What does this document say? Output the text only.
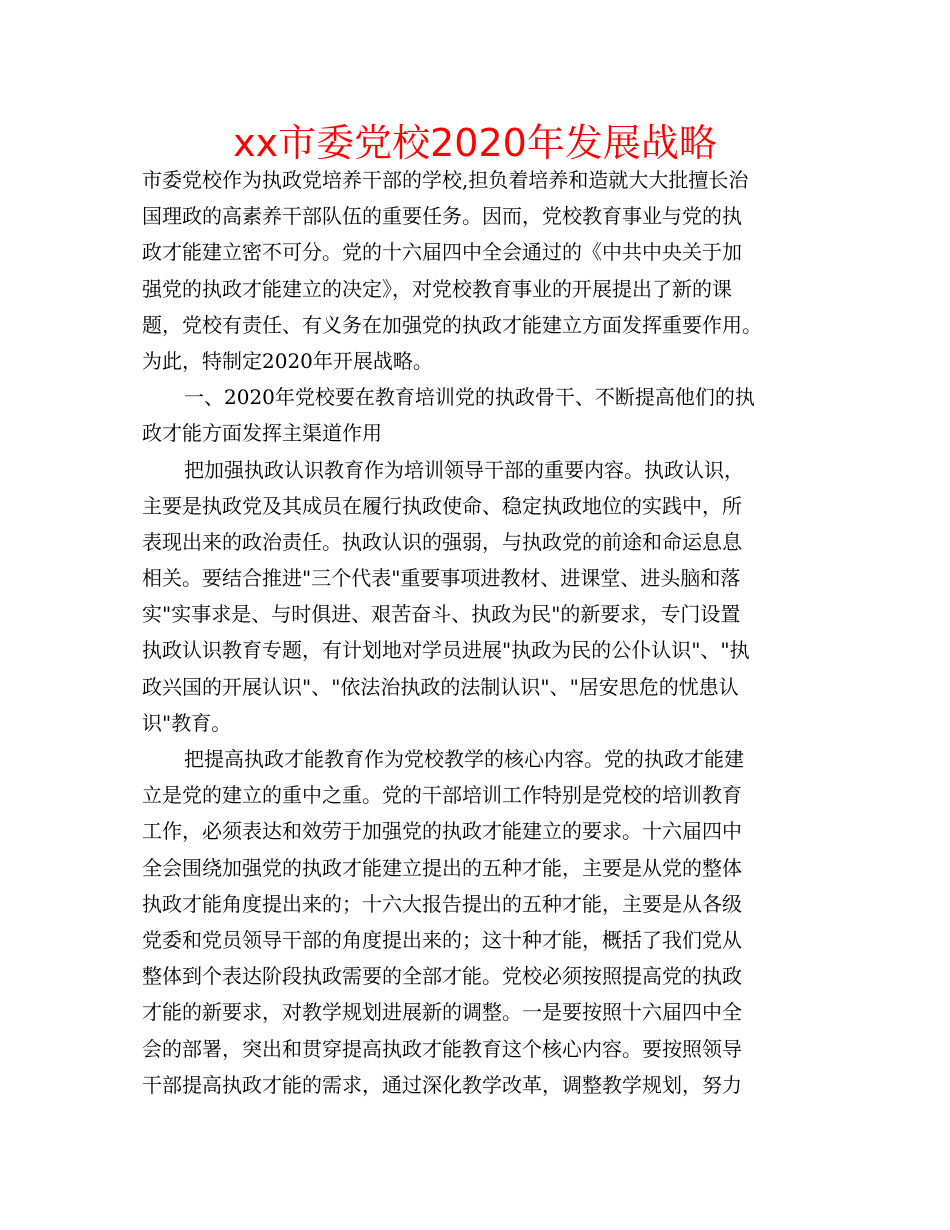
xx市委党校2020年发展战略
市委党校作为执政党培养干部的学校,担负着培养和造就大大批擅长治
国理政的高素养干部队伍的重要任务。因而，党校教育事业与党的执
政才能建立密不可分。党的十六届四中全会通过的《中共中央关于加
强党的执政才能建立的决定》，对党校教育事业的开展提出了新的课
题，党校有责任、有义务在加强党的执政才能建立方面发挥重要作用。
为此，特制定2020年开展战略。
一、2020年党校要在教育培训党的执政骨干、不断提高他们的执
政才能方面发挥主渠道作用
把加强执政认识教育作为培训领导干部的重要内容。执政认识，
主要是执政党及其成员在履行执政使命、稳定执政地位的实践中，所
表现出来的政治责任。执政认识的强弱，与执政党的前途和命运息息
相关。要结合推进"三个代表"重要事项进教材、进课堂、进头脑和落
实"实事求是、与时俱进、艰苦奋斗、执政为民"的新要求，专门设置
执政认识教育专题，有计划地对学员进展"执政为民的公仆认识"、"执
政兴国的开展认识"、"依法治执政的法制认识"、"居安思危的忧患认
识"教育。
把提高执政才能教育作为党校教学的核心内容。党的执政才能建
立是党的建立的重中之重。党的干部培训工作特别是党校的培训教育
工作，必须表达和效劳于加强党的执政才能建立的要求。十六届四中
全会围绕加强党的执政才能建立提出的五种才能，主要是从党的整体
执政才能角度提出来的；十六大报告提出的五种才能，主要是从各级
党委和党员领导干部的角度提出来的；这十种才能，概括了我们党从
整体到个表达阶段执政需要的全部才能。党校必须按照提高党的执政
才能的新要求，对教学规划进展新的调整。一是要按照十六届四中全
会的部署，突出和贯穿提高执政才能教育这个核心内容。要按照领导
干部提高执政才能的需求，通过深化教学改革，调整教学规划，努力
